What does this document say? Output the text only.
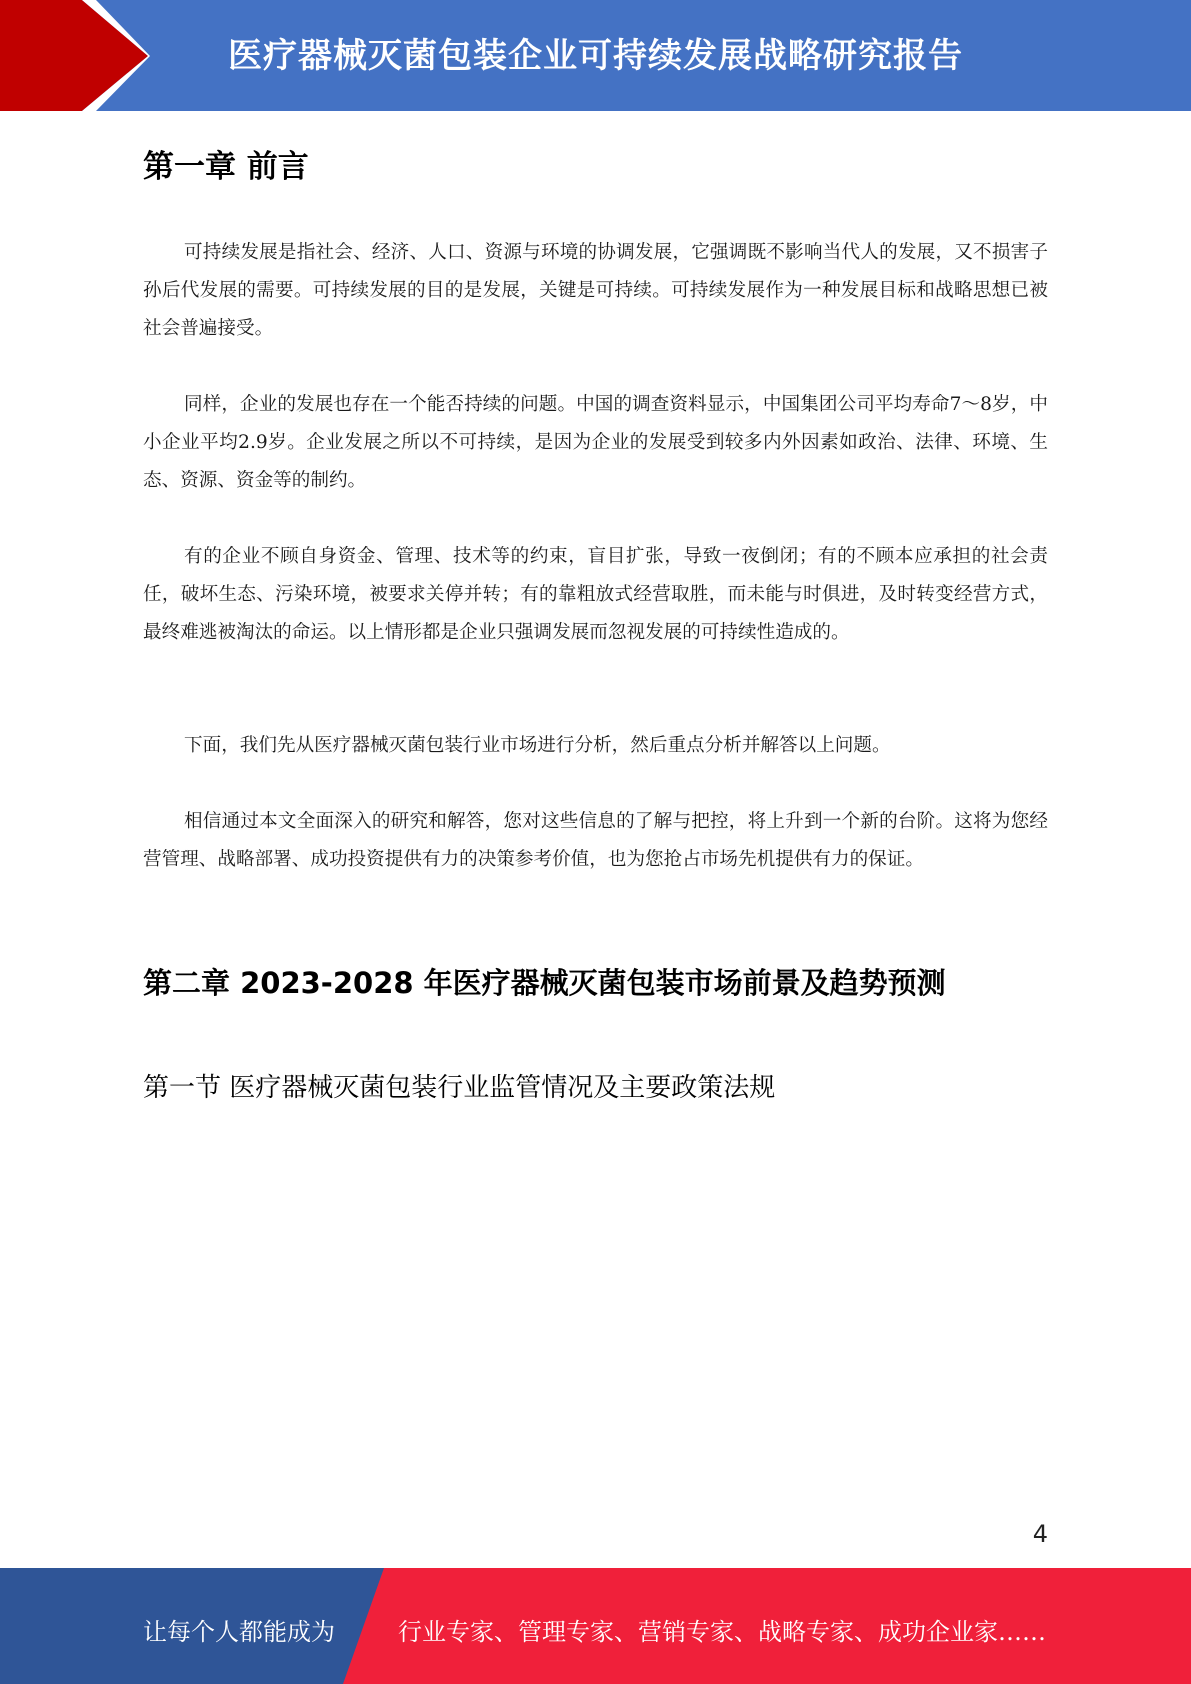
医疗器械灭菌包装企业可持续发展战略研究报告
第一章 前言

可持续发展是指社会、经济、人口、资源与环境的协调发展，它强调既不影响当代人的发展，又不损害子孙后代发展的需要。可持续发展的目的是发展，关键是可持续。可持续发展作为一种发展目标和战略思想已被社会普遍接受。

同样，企业的发展也存在一个能否持续的问题。中国的调查资料显示，中国集团公司平均寿命7～8岁，中小企业平均2.9岁。企业发展之所以不可持续，是因为企业的发展受到较多内外因素如政治、法律、环境、生态、资源、资金等的制约。

有的企业不顾自身资金、管理、技术等的约束，盲目扩张，导致一夜倒闭；有的不顾本应承担的社会责任，破坏生态、污染环境，被要求关停并转；有的靠粗放式经营取胜，而未能与时俱进，及时转变经营方式，最终难逃被淘汰的命运。以上情形都是企业只强调发展而忽视发展的可持续性造成的。

下面，我们先从医疗器械灭菌包装行业市场进行分析，然后重点分析并解答以上问题。

相信通过本文全面深入的研究和解答，您对这些信息的了解与把控，将上升到一个新的台阶。这将为您经营管理、战略部署、成功投资提供有力的决策参考价值，也为您抢占市场先机提供有力的保证。

第二章 2023-2028 年医疗器械灭菌包装市场前景及趋势预测
第一节 医疗器械灭菌包装行业监管情况及主要政策法规
4
让每个人都能成为	行业专家、管理专家、营销专家、战略专家、成功企业家……
